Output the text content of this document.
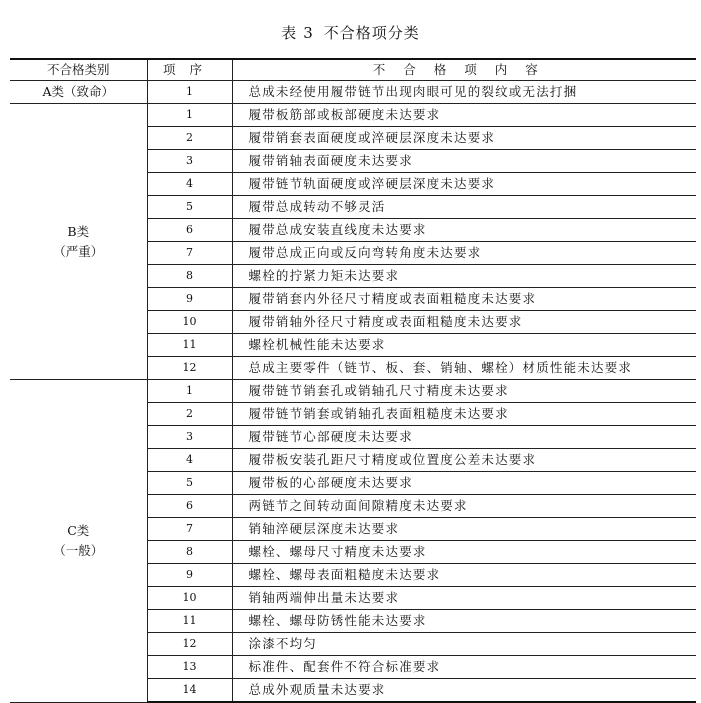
表 3 不合格项分类
不合格类别	项序	不合格项内容

A类（致命）	1	总成未经使用履带链节出现肉眼可见的裂纹或无法打捆

B类
（严重）	1	履带板筋部或板部硬度未达要求
	2	履带销套表面硬度或淬硬层深度未达要求
	3	履带销轴表面硬度未达要求
	4	履带链节轨面硬度或淬硬层深度未达要求
	5	履带总成转动不够灵活
	6	履带总成安装直线度未达要求
	7	履带总成正向或反向弯转角度未达要求
	8	螺栓的拧紧力矩未达要求
	9	履带销套内外径尺寸精度或表面粗糙度未达要求
	10	履带销轴外径尺寸精度或表面粗糙度未达要求
	11	螺栓机械性能未达要求
	12	总成主要零件（链节、板、套、销轴、螺栓）材质性能未达要求

C类
（一般）	1	履带链节销套孔或销轴孔尺寸精度未达要求
	2	履带链节销套或销轴孔表面粗糙度未达要求
	3	履带链节心部硬度未达要求
	4	履带板安装孔距尺寸精度或位置度公差未达要求
	5	履带板的心部硬度未达要求
	6	两链节之间转动面间隙精度未达要求
	7	销轴淬硬层深度未达要求
	8	螺栓、螺母尺寸精度未达要求
	9	螺栓、螺母表面粗糙度未达要求
	10	销轴两端伸出量未达要求
	11	螺栓、螺母防锈性能未达要求
	12	涂漆不均匀
	13	标准件、配套件不符合标准要求
	14	总成外观质量未达要求
